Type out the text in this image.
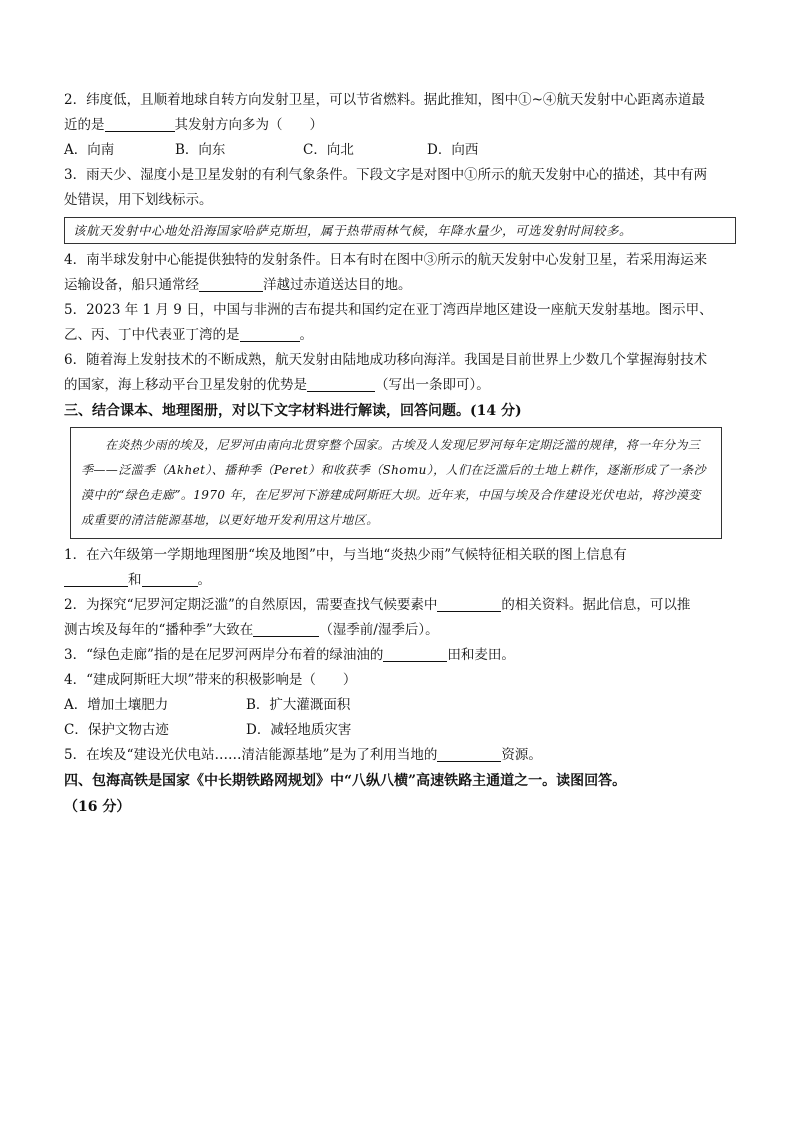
2．纬度低，且顺着地球自转方向发射卫星，可以节省燃料。据此推知，图中①~④航天发射中心距离赤道最
近的是	其发射方向多为（　　）
A．向南	B．向东	C．向北	D．向西
3．雨天少、湿度小是卫星发射的有利气象条件。下段文字是对图中①所示的航天发射中心的描述，其中有两
处错误，用下划线标示。
该航天发射中心地处沿海国家哈萨克斯坦，属于热带雨林气候，年降水量少，可选发射时间较多。
4．南半球发射中心能提供独特的发射条件。日本有时在图中③所示的航天发射中心发射卫星，若采用海运来
运输设备，船只通常经	洋越过赤道送达目的地。
5．2023 年 1 月 9 日，中国与非洲的吉布提共和国约定在亚丁湾西岸地区建设一座航天发射基地。图示甲、
乙、丙、丁中代表亚丁湾的是	。
6．随着海上发射技术的不断成熟，航天发射由陆地成功移向海洋。我国是目前世界上少数几个掌握海射技术
的国家，海上移动平台卫星发射的优势是	（写出一条即可）。
三、结合课本、地理图册，对以下文字材料进行解读，回答问题。(14 分)

在炎热少雨的埃及，尼罗河由南向北贯穿整个国家。古埃及人发现尼罗河每年定期泛滥的规律，将一年分为三季——泛滥季（Akhet）、播种季（Peret）和收获季（Shomu），人们在泛滥后的土地上耕作，逐渐形成了一条沙漠中的“绿色走廊”。1970 年，在尼罗河下游建成阿斯旺大坝。近年来，中国与埃及合作建设光伏电站，将沙漠变成重要的清洁能源基地，以更好地开发利用这片地区。

1．在六年级第一学期地理图册“埃及地图”中，与当地“炎热少雨”气候特征相关联的图上信息有
和	。
2．为探究“尼罗河定期泛滥”的自然原因，需要查找气候要素中	的相关资料。据此信息，可以推
测古埃及每年的“播种季”大致在	（湿季前/湿季后）。
3．“绿色走廊”指的是在尼罗河两岸分布着的绿油油的	田和麦田。
4．“建成阿斯旺大坝”带来的积极影响是（　　）
A．增加土壤肥力	B．扩大灌溉面积
C．保护文物古迹	D．减轻地质灾害
5．在埃及“建设光伏电站……清洁能源基地”是为了利用当地的	资源。
四、包海高铁是国家《中长期铁路网规划》中“八纵八横”高速铁路主通道之一。读图回答。
（16 分）
